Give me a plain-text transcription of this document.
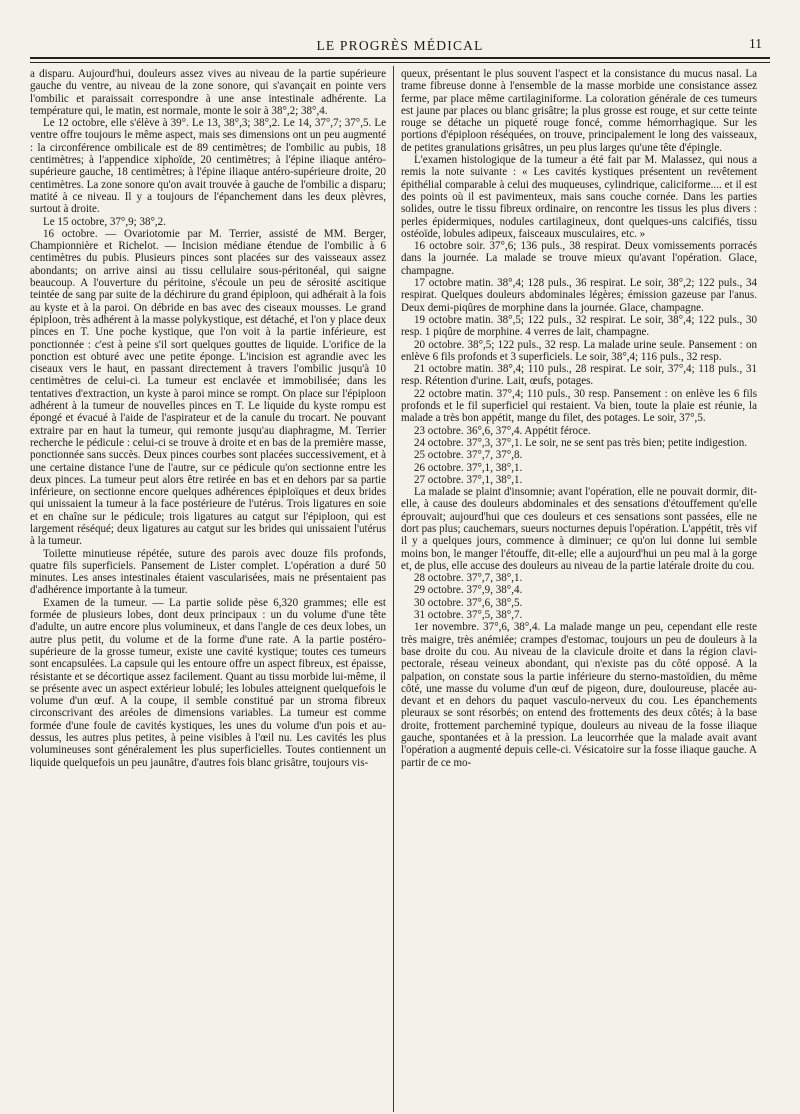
LE PROGRÈS MÉDICAL	11

a disparu. Aujourd'hui, douleurs assez vives au niveau de la partie supérieure gauche du ventre, au niveau de la zone sonore, qui s'avançait en pointe vers l'ombilic et paraissait correspondre à une anse intestinale adhérente. La température qui, le matin, est normale, monte le soir à 38°,2; 38°,4.

Le 12 octobre, elle s'élève à 39°. Le 13, 38°,3; 38°,2. Le 14, 37°,7; 37°,5. Le ventre offre toujours le même aspect, mais ses dimensions ont un peu augmenté : la circonférence ombilicale est de 89 centimètres; de l'ombilic au pubis, 18 centimètres; à l'appendice xiphoïde, 20 centimètres; à l'épine iliaque antéro-supérieure gauche, 18 centimètres; à l'épine iliaque antéro-supérieure droite, 20 centimètres. La zone sonore qu'on avait trouvée à gauche de l'ombilic a disparu; matité à ce niveau. Il y a toujours de l'épanchement dans les deux plèvres, surtout à droite.

Le 15 octobre, 37°,9; 38°,2.

16 octobre. — Ovariotomie par M. Terrier, assisté de MM. Berger, Championnière et Richelot. — Incision médiane étendue de l'ombilic à 6 centimètres du pubis. Plusieurs pinces sont placées sur des vaisseaux assez abondants; on arrive ainsi au tissu cellulaire sous-péritonéal, qui saigne beaucoup. A l'ouverture du péritoine, s'écoule un peu de sérosité ascitique teintée de sang par suite de la déchirure du grand épiploon, qui adhérait à la fois au kyste et à la paroi. On débride en bas avec des ciseaux mousses. Le grand épiploon, très adhérent à la masse polykystique, est détaché, et l'on y place deux pinces en T. Une poche kystique, que l'on voit à la partie inférieure, est ponctionnée : c'est à peine s'il sort quelques gouttes de liquide. L'orifice de la ponction est obturé avec une petite éponge. L'incision est agrandie avec les ciseaux vers le haut, en passant directement à travers l'ombilic jusqu'à 10 centimètres de celui-ci. La tumeur est enclavée et immobilisée; dans les tentatives d'extraction, un kyste à paroi mince se rompt. On place sur l'épiploon adhérent à la tumeur de nouvelles pinces en T. Le liquide du kyste rompu est épongé et évacué à l'aide de l'aspirateur et de la canule du trocart. Ne pouvant extraire par en haut la tumeur, qui remonte jusqu'au diaphragme, M. Terrier recherche le pédicule : celui-ci se trouve à droite et en bas de la première masse, ponctionnée sans succès. Deux pinces courbes sont placées successivement, et à une certaine distance l'une de l'autre, sur ce pédicule qu'on sectionne entre les deux pinces. La tumeur peut alors être retirée en bas et en dehors par sa partie inférieure, on sectionne encore quelques adhérences épiploïques et deux brides qui unissaient la tumeur à la face postérieure de l'utérus. Trois ligatures en soie et en chaîne sur le pédicule; trois ligatures au catgut sur l'épiploon, qui est largement réséqué; deux ligatures au catgut sur les brides qui unissaient l'utérus à la tumeur.

Toilette minutieuse répétée, suture des parois avec douze fils profonds, quatre fils superficiels. Pansement de Lister complet. L'opération a duré 50 minutes. Les anses intestinales étaient vascularisées, mais ne présentaient pas d'adhérence importante à la tumeur.

Examen de la tumeur. — La partie solide pèse 6,320 grammes; elle est formée de plusieurs lobes, dont deux principaux : un du volume d'une tête d'adulte, un autre encore plus volumineux, et dans l'angle de ces deux lobes, un autre plus petit, du volume et de la forme d'une rate. A la partie postéro-supérieure de la grosse tumeur, existe une cavité kystique; toutes ces tumeurs sont encapsulées. La capsule qui les entoure offre un aspect fibreux, est épaisse, résistante et se décortique assez facilement. Quant au tissu morbide lui-même, il se présente avec un aspect extérieur lobulé; les lobules atteignent quelquefois le volume d'un œuf. A la coupe, il semble constitué par un stroma fibreux circonscrivant des aréoles de dimensions variables. La tumeur est comme formée d'une foule de cavités kystiques, les unes du volume d'un pois et au-dessus, les autres plus petites, à peine visibles à l'œil nu. Les cavités les plus volumineuses sont généralement les plus superficielles. Toutes contiennent un liquide quelquefois un peu jaunâtre, d'autres fois blanc grisâtre, toujours vis-

queux, présentant le plus souvent l'aspect et la consistance du mucus nasal. La trame fibreuse donne à l'ensemble de la masse morbide une consistance assez ferme, par place même cartilaginiforme. La coloration générale de ces tumeurs est jaune par places ou blanc grisâtre; la plus grosse est rouge, et sur cette teinte rouge se détache un piqueté rouge foncé, comme hémorrhagique. Sur les portions d'épiploon réséquées, on trouve, principalement le long des vaisseaux, de petites granulations grisâtres, un peu plus larges qu'une tête d'épingle.

L'examen histologique de la tumeur a été fait par M. Malassez, qui nous a remis la note suivante : « Les cavités kystiques présentent un revêtement épithélial comparable à celui des muqueuses, cylindrique, caliciforme.... et il est des points où il est pavimenteux, mais sans couche cornée. Dans les parties solides, outre le tissu fibreux ordinaire, on rencontre les tissus les plus divers : perles épidermiques, nodules cartilagineux, dont quelques-uns calcifiés, tissu ostéoïde, lobules adipeux, faisceaux musculaires, etc. »

16 octobre soir. 37°,6; 136 puls., 38 respirat. Deux vomissements porracés dans la journée. La malade se trouve mieux qu'avant l'opération. Glace, champagne.

17 octobre matin. 38°,4; 128 puls., 36 respirat. Le soir, 38°,2; 122 puls., 34 respirat. Quelques douleurs abdominales légères; émission gazeuse par l'anus. Deux demi-piqûres de morphine dans la journée. Glace, champagne.

19 octobre matin. 38°,5; 122 puls., 32 respirat. Le soir, 38°,4; 122 puls., 30 resp. 1 piqûre de morphine. 4 verres de lait, champagne.

20 octobre. 38°,5; 122 puls., 32 resp. La malade urine seule. Pansement : on enlève 6 fils profonds et 3 superficiels. Le soir, 38°,4; 116 puls., 32 resp.

21 octobre matin. 38°,4; 110 puls., 28 respirat. Le soir, 37°,4; 118 puls., 31 resp. Rétention d'urine. Lait, œufs, potages.

22 octobre matin. 37°,4; 110 puls., 30 resp. Pansement : on enlève les 6 fils profonds et le fil superficiel qui restaient. Va bien, toute la plaie est réunie, la malade a très bon appétit, mange du filet, des potages. Le soir, 37°,5.

23 octobre. 36°,6, 37°,4. Appétit féroce.

24 octobre. 37°,3, 37°,1. Le soir, ne se sent pas très bien; petite indigestion.

25 octobre. 37°,7, 37°,8.

26 octobre. 37°,1, 38°,1.

27 octobre. 37°,1, 38°,1.

La malade se plaint d'insomnie; avant l'opération, elle ne pouvait dormir, dit-elle, à cause des douleurs abdominales et des sensations d'étouffement qu'elle éprouvait; aujourd'hui que ces douleurs et ces sensations sont passées, elle ne dort pas plus; cauchemars, sueurs nocturnes depuis l'opération. L'appétit, très vif il y a quelques jours, commence à diminuer; ce qu'on lui donne lui semble moins bon, le manger l'étouffe, dit-elle; elle a aujourd'hui un peu mal à la gorge et, de plus, elle accuse des douleurs au niveau de la partie latérale droite du cou.

28 octobre. 37°,7, 38°,1.

29 octobre. 37°,9, 38°,4.

30 octobre. 37°,6, 38°,5.

31 octobre. 37°,5, 38°,7.

1er novembre. 37°,6, 38°,4. La malade mange un peu, cependant elle reste très maigre, très anémiée; crampes d'estomac, toujours un peu de douleurs à la base droite du cou. Au niveau de la clavicule droite et dans la région clavi-pectorale, réseau veineux abondant, qui n'existe pas du côté opposé. A la palpation, on constate sous la partie inférieure du sterno-mastoïdien, du même côté, une masse du volume d'un œuf de pigeon, dure, douloureuse, placée au-devant et en dehors du paquet vasculo-nerveux du cou. Les épanchements pleuraux se sont résorbés; on entend des frottements des deux côtés; à la base droite, frottement parcheminé typique, douleurs au niveau de la fosse iliaque gauche, spontanées et à la pression. La leucorrhée que la malade avait avant l'opération a augmenté depuis celle-ci. Vésicatoire sur la fosse iliaque gauche. A partir de ce mo-
